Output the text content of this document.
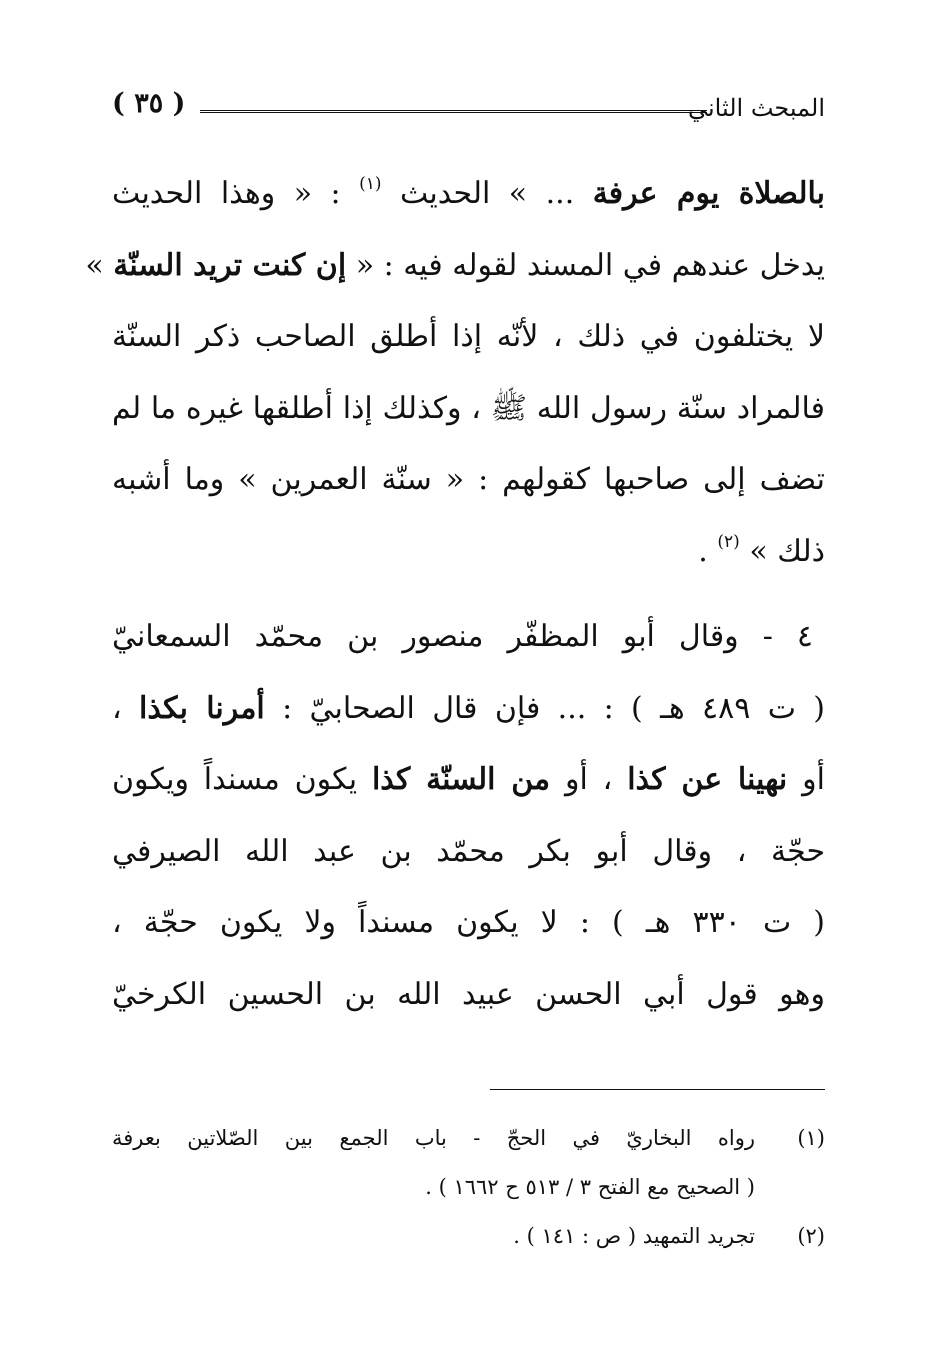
المبحث الثاني
( ٣٥ )
بالصلاة يوم عرفة ... » الحديث $^{(١)}$ : « وهذا الحديث
يدخل عندهم في المسند لقوله فيه : « إن كنت تريد السنّة »
لا يختلفون في ذلك ، لأنّه إذا أطلق الصاحب ذكر السنّة
فالمراد سنّة رسول الله ﷺ ، وكذلك إذا أطلقها غيره ما لم
تضف إلى صاحبها كقولهم : « سنّة العمرين » وما أشبه
ذلك » $^{(٢)}$ .
٤ - وقال أبو المظفّر منصور بن محمّد السمعانيّ
( ت ٤٨٩ هـ ) : ... فإن قال الصحابيّ : أمرنا بكذا ،
أو نهينا عن كذا ، أو من السنّة كذا يكون مسنداً ويكون
حجّة ، وقال أبو بكر محمّد بن عبد الله الصيرفي
( ت ٣٣٠ هـ ) : لا يكون مسنداً ولا يكون حجّة ،
وهو قول أبي الحسن عبيد الله بن الحسين الكرخيّ
(١)
رواه البخاريّ في الحجّ - باب الجمع بين الصّلاتين بعرفة
( الصحيح مع الفتح ٣ / ٥١٣ ح ١٦٦٢ ) .
(٢)
تجريد التمهيد ( ص : ١٤١ ) .
